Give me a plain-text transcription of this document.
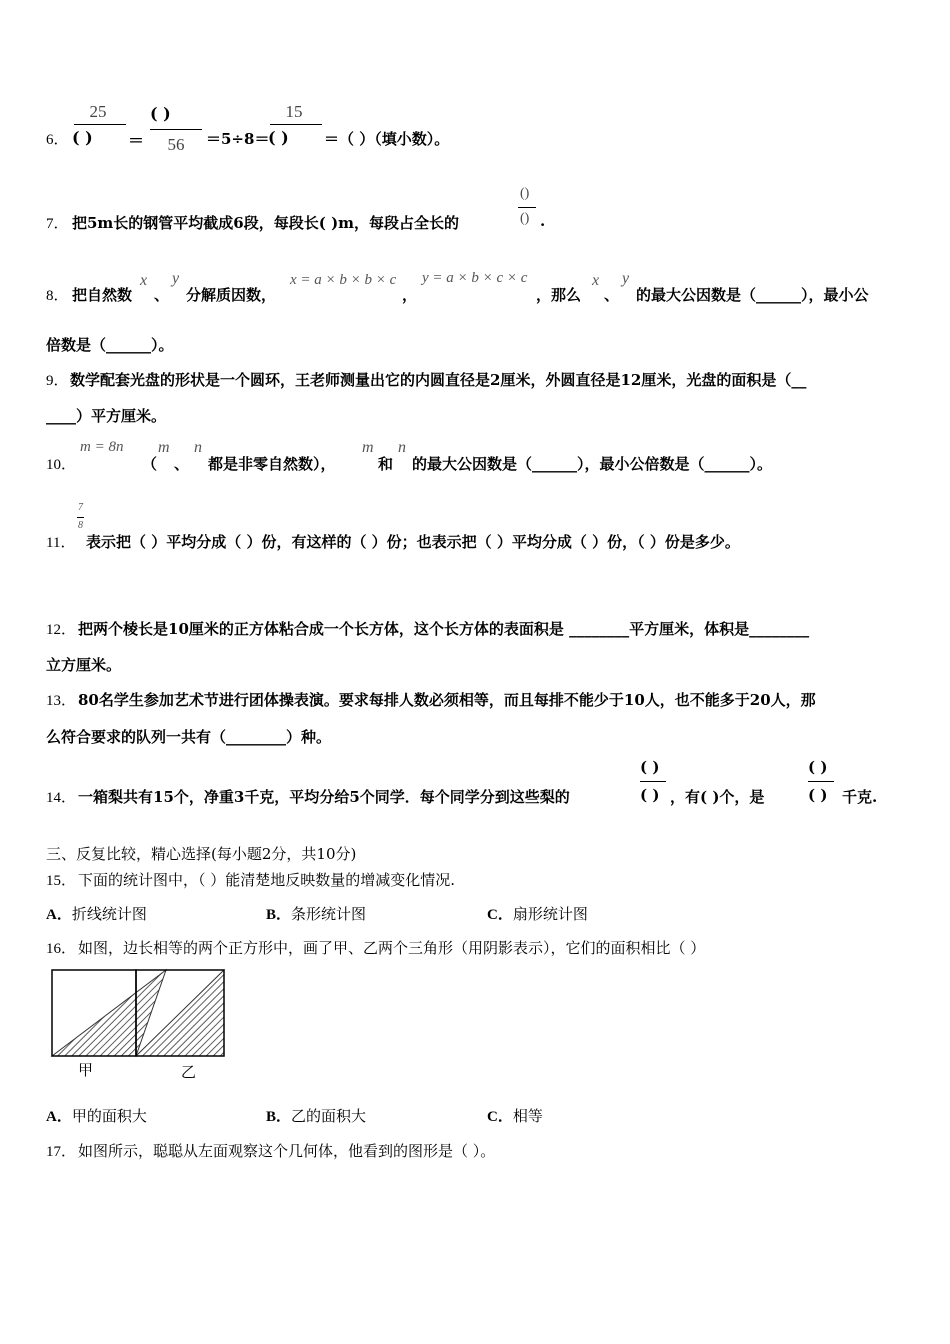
6．
25
( ) ＝
( )
56	＝5÷8＝
15
( ) ＝（ ）（填小数）。
7． 把5m长的钢管平均截成6段，每段长( )m，每段占全长的
()
() .
8． 把自然数
x
、
y
分解质因数，
x = a × b × b × c
，
y = a × b × c × c
，那么
x
、
y
的最大公因数是（______），最小公
倍数是（______）。
9． 数学配套光盘的形状是一个圆环，王老师测量出它的内圆直径是2厘米，外圆直径是12厘米，光盘的面积是（__
____）平方厘米。
10．
m = 8n
（
m
、
n
都是非零自然数），
m
和
n
的最大公因数是（______），最小公倍数是（______）。
11．
7
8
表示把（ ）平均分成（ ）份，有这样的（ ）份；也表示把（ ）平均分成（ ）份，（ ）份是多少。
12． 把两个棱长是10厘米的正方体粘合成一个长方体，这个长方体的表面积是 ________平方厘米，体积是________
立方厘米。
13． 80名学生参加艺术节进行团体操表演。要求每排人数必须相等，而且每排不能少于10人，也不能多于20人，那
么符合要求的队列一共有（________）种。
14． 一箱梨共有15个，净重3千克，平均分给5个同学．每个同学分到这些梨的
( )
( ) ，有( )个，是
( )
( ) 千克.
三、反复比较，精心选择(每小题2分，共10分)
15． 下面的统计图中，（ ）能清楚地反映数量的增减变化情况.
A．折线统计图	B．条形统计图	C．扇形统计图
16． 如图，边长相等的两个正方形中，画了甲、乙两个三角形（用阴影表示），它们的面积相比（ ）
甲	乙
A．甲的面积大	B．乙的面积大	C．相等
17． 如图所示，聪聪从左面观察这个几何体，他看到的图形是（ ）。
